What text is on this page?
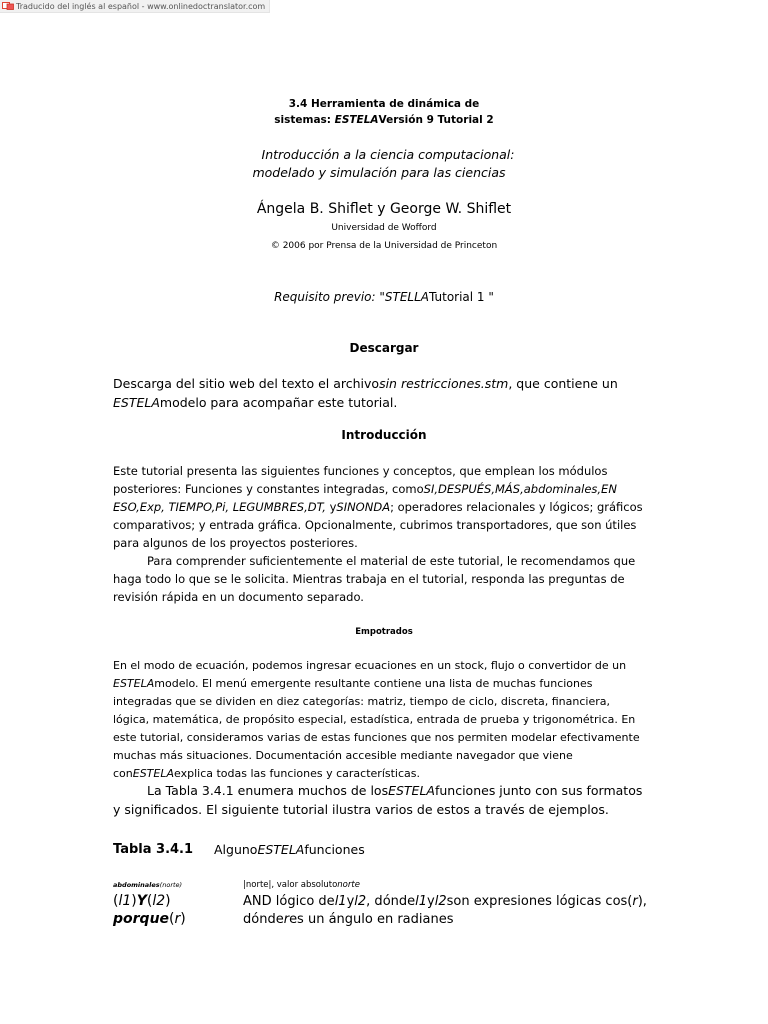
Traducido del inglés al español - www.onlinedoctranslator.com
3.4 Herramienta de dinámica de
sistemas: ESTELAVersión 9 Tutorial 2
Introducción a la ciencia computacional:
modelado y simulación para las ciencias
Ángela B. Shiflet y George W. Shiflet
Universidad de Wofford
© 2006 por Prensa de la Universidad de Princeton
Requisito previo: "STELLATutorial 1 "
Descargar
Descarga del sitio web del texto el archivosin restricciones.stm, que contiene un
ESTELAmodelo para acompañar este tutorial.
Introducción
Este tutorial presenta las siguientes funciones y conceptos, que emplean los módulos posteriores: Funciones y constantes integradas, comoSI,DESPUÉS,MÁS,abdominales,EN ESO,Exp, TIEMPO,Pi, LEGUMBRES,DT, ySINONDA; operadores relacionales y lógicos; gráficos comparativos; y entrada gráfica. Opcionalmente, cubrimos transportadores, que son útiles para algunos de los proyectos posteriores.
Para comprender suficientemente el material de este tutorial, le recomendamos que haga todo lo que se le solicita. Mientras trabaja en el tutorial, responda las preguntas de revisión rápida en un documento separado.
Empotrados
En el modo de ecuación, podemos ingresar ecuaciones en un stock, flujo o convertidor de un ESTELAmodelo. El menú emergente resultante contiene una lista de muchas funciones integradas que se dividen en diez categorías: matriz, tiempo de ciclo, discreta, financiera, lógica, matemática, de propósito especial, estadística, entrada de prueba y trigonométrica. En este tutorial, consideramos varias de estas funciones que nos permiten modelar efectivamente muchas más situaciones. Documentación accesible mediante navegador que viene conESTELAexplica todas las funciones y características.
La Tabla 3.4.1 enumera muchos de losESTELAfunciones junto con sus formatos y significados. El siguiente tutorial ilustra varios de estos a través de ejemplos.
Tabla 3.4.1 AlgunoESTELAfunciones
abdominales(norte)	|norte|, valor absolutonorte
(l1)Y(l2)	AND lógico del1yl2, dóndel1yl2son expresiones lógicas cos(r),
porque(r)	dónderes un ángulo en radianes
